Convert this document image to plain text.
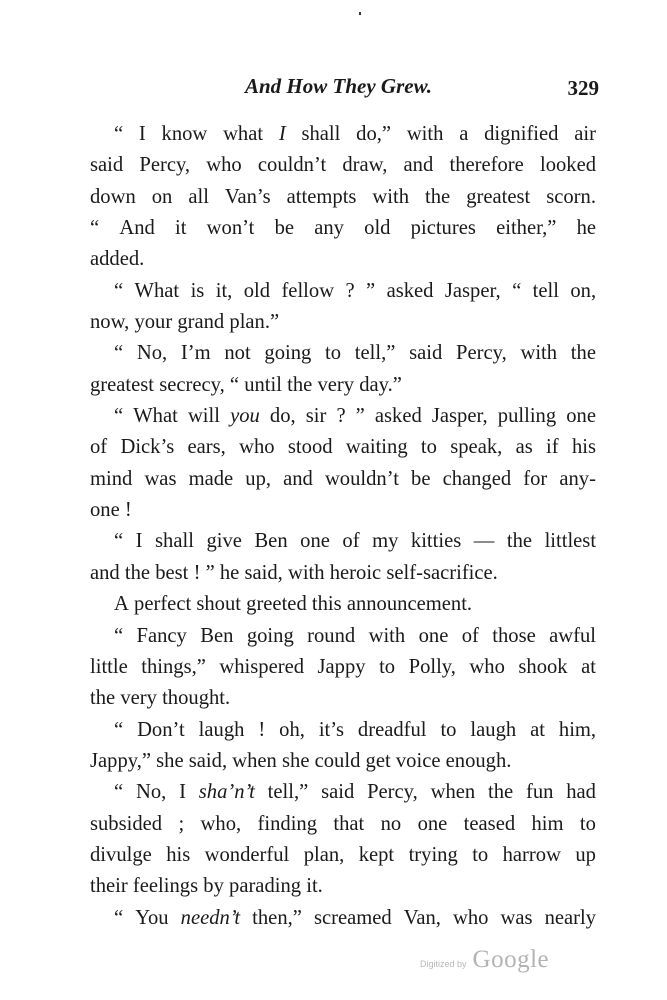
And How They Grew.	329
“ I know what I shall do,” with a dignified air
said Percy, who couldn’t draw, and therefore looked
down on all Van’s attempts with the greatest scorn.
“ And it won’t be any old pictures either,” he
added.
“ What is it, old fellow ? ” asked Jasper, “ tell on,
now,
your
grand
plan.”
“ No, I’m not going to tell,” said Percy, with the
greatest
secrecy,
“
until
the
very
day.”
“ What will you do, sir ? ” asked Jasper, pulling one
of Dick’s ears, who stood waiting to speak, as if his
mind was made up, and wouldn’t be changed for any-
one
!
“ I shall give Ben one of my kitties — the littlest
and
the
best
!
”
he
said,
with
heroic
self-sacrifice.
A
perfect
shout
greeted
this
announcement.
“ Fancy Ben going round with one of those awful
little things,” whispered Jappy to Polly, who shook at
the
very
thought.
“ Don’t laugh ! oh, it’s dreadful to laugh at him,
Jappy,”
she
said,
when
she
could
get
voice
enough.
“ No, I sha’n’t tell,” said Percy, when the fun had
subsided ; who, finding that no one teased him to
divulge his wonderful plan, kept trying to harrow up
their
feelings
by
parading
it.
“ You needn’t then,” screamed Van, who was nearly
Digitized by Google
